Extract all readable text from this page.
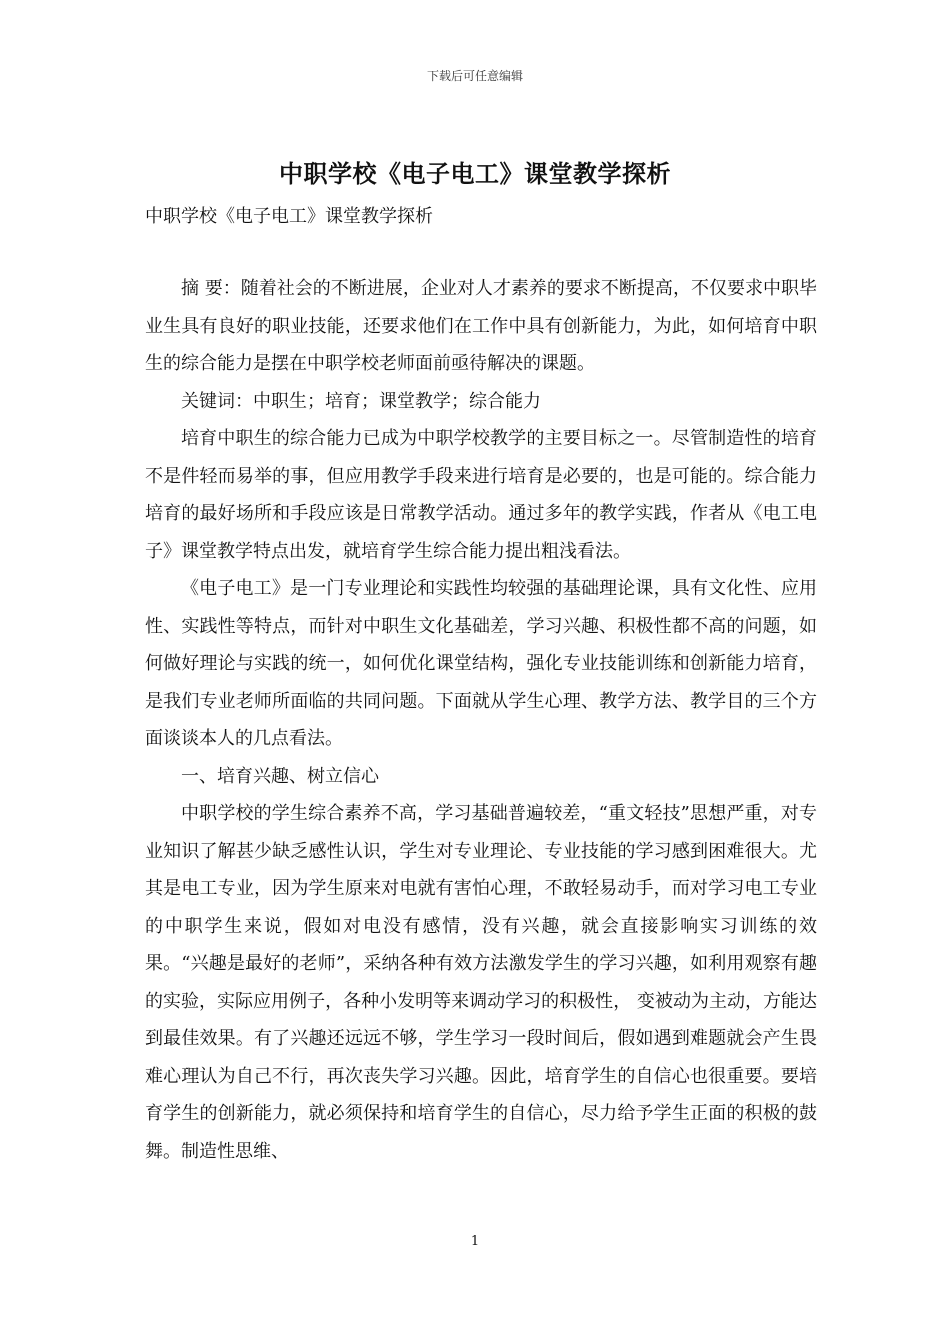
下载后可任意编辑
中职学校《电子电工》课堂教学探析
中职学校《电子电工》课堂教学探析

摘 要：随着社会的不断进展，企业对人才素养的要求不断提高，不仅要求中职毕业生具有良好的职业技能，还要求他们在工作中具有创新能力，为此，如何培育中职生的综合能力是摆在中职学校老师面前亟待解决的课题。

关键词：中职生；培育；课堂教学；综合能力

培育中职生的综合能力已成为中职学校教学的主要目标之一。尽管制造性的培育不是件轻而易举的事，但应用教学手段来进行培育是必要的，也是可能的。综合能力培育的最好场所和手段应该是日常教学活动。通过多年的教学实践，作者从《电工电子》课堂教学特点出发，就培育学生综合能力提出粗浅看法。

《电子电工》是一门专业理论和实践性均较强的基础理论课，具有文化性、应用性、实践性等特点，而针对中职生文化基础差，学习兴趣、积极性都不高的问题，如何做好理论与实践的统一，如何优化课堂结构，强化专业技能训练和创新能力培育，是我们专业老师所面临的共同问题。下面就从学生心理、教学方法、教学目的三个方面谈谈本人的几点看法。

一、培育兴趣、树立信心

中职学校的学生综合素养不高，学习基础普遍较差，“重文轻技”思想严重，对专业知识了解甚少缺乏感性认识，学生对专业理论、专业技能的学习感到困难很大。尤其是电工专业，因为学生原来对电就有害怕心理，不敢轻易动手，而对学习电工专业的中职学生来说，假如对电没有感情，没有兴趣，就会直接影响实习训练的效果。“兴趣是最好的老师”，采纳各种有效方法激发学生的学习兴趣，如利用观察有趣的实验，实际应用例子，各种小发明等来调动学习的积极性， 变被动为主动，方能达到最佳效果。有了兴趣还远远不够，学生学习一段时间后，假如遇到难题就会产生畏难心理认为自己不行，再次丧失学习兴趣。因此，培育学生的自信心也很重要。要培育学生的创新能力，就必须保持和培育学生的自信心，尽力给予学生正面的积极的鼓舞。制造性思维、

1
